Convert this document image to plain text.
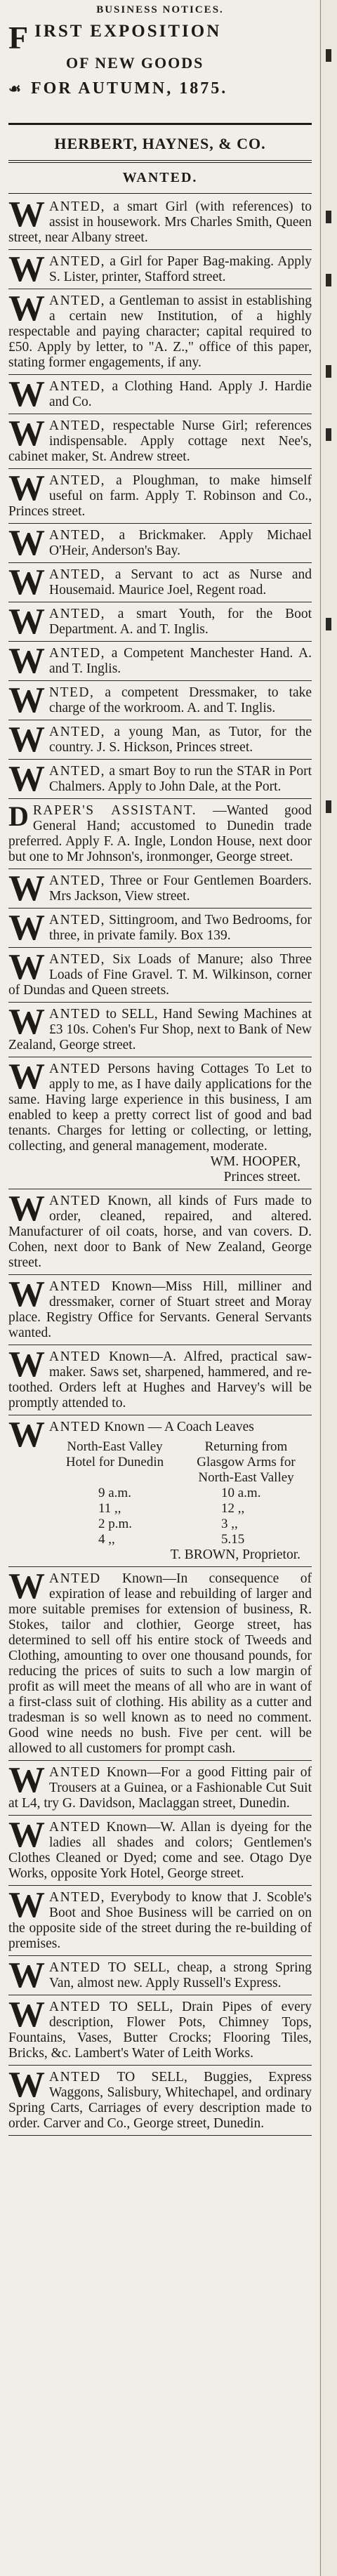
BUSINESS NOTICES.
FIRST EXPOSITION
OF NEW GOODS
☙ FOR AUTUMN, 1875.
HERBERT, HAYNES, & CO.
WANTED.
WANTED, a smart Girl (with references) to assist in housework. Mrs Charles Smith, Queen street, near Albany street.
WANTED, a Girl for Paper Bag-making. Apply S. Lister, printer, Stafford street.
WANTED, a Gentleman to assist in establishing a certain new Institution, of a highly respectable and paying character; capital required to £50. Apply by letter, to "A. Z.," office of this paper, stating former engagements, if any.
WANTED, a Clothing Hand. Apply J. Hardie and Co.
WANTED, respectable Nurse Girl; references indispensable. Apply cottage next Nee's, cabinet maker, St. Andrew street.
WANTED, a Ploughman, to make himself useful on farm. Apply T. Robinson and Co., Princes street.
WANTED, a Brickmaker. Apply Michael O'Heir, Anderson's Bay.
WANTED, a Servant to act as Nurse and Housemaid. Maurice Joel, Regent road.
WANTED, a smart Youth, for the Boot Department. A. and T. Inglis.
WANTED, a Competent Manchester Hand. A. and T. Inglis.
WNTED, a competent Dressmaker, to take charge of the workroom. A. and T. Inglis.
WANTED, a young Man, as Tutor, for the country. J. S. Hickson, Princes street.
WANTED, a smart Boy to run the STAR in Port Chalmers. Apply to John Dale, at the Port.
DRAPER'S ASSISTANT. —Wanted good General Hand; accustomed to Dunedin trade preferred. Apply F. A. Ingle, London House, next door but one to Mr Johnson's, ironmonger, George street.
WANTED, Three or Four Gentlemen Boarders. Mrs Jackson, View street.
WANTED, Sittingroom, and Two Bedrooms, for three, in private family. Box 139.
WANTED, Six Loads of Manure; also Three Loads of Fine Gravel. T. M. Wilkinson, corner of Dundas and Queen streets.
WANTED to SELL, Hand Sewing Machines at £3 10s. Cohen's Fur Shop, next to Bank of New Zealand, George street.
WANTED Persons having Cottages To Let to apply to me, as I have daily applications for the same. Having large experience in this business, I am enabled to keep a pretty correct list of good and bad tenants. Charges for letting or collecting, or letting, collecting, and general management, moderate.
WM. HOOPER,
Princes street.
WANTED Known, all kinds of Furs made to order, cleaned, repaired, and altered. Manufacturer of oil coats, horse, and van covers. D. Cohen, next door to Bank of New Zealand, George street.
WANTED Known—Miss Hill, milliner and dressmaker, corner of Stuart street and Moray place. Registry Office for Servants. General Servants wanted.
WANTED Known—A. Alfred, practical saw-maker. Saws set, sharpened, hammered, and re-toothed. Orders left at Hughes and Harvey's will be promptly attended to.
WANTED Known — A Coach Leaves
North-East Valley Hotel for Dunedin
Returning from Glasgow Arms for North-East Valley
9 a.m.
11 ,,
2 p.m.
4 ,,
10 a.m.
12 ,,
3 ,,
5.15
T. BROWN, Proprietor.
WANTED Known—In consequence of expiration of lease and rebuilding of larger and more suitable premises for extension of business, R. Stokes, tailor and clothier, George street, has determined to sell off his entire stock of Tweeds and Clothing, amounting to over one thousand pounds, for reducing the prices of suits to such a low margin of profit as will meet the means of all who are in want of a first-class suit of clothing. His ability as a cutter and tradesman is so well known as to need no comment. Good wine needs no bush. Five per cent. will be allowed to all customers for prompt cash.
WANTED Known—For a good Fitting pair of Trousers at a Guinea, or a Fashionable Cut Suit at L4, try G. Davidson, Maclaggan street, Dunedin.
WANTED Known—W. Allan is dyeing for the ladies all shades and colors; Gentlemen's Clothes Cleaned or Dyed; come and see. Otago Dye Works, opposite York Hotel, George street.
WANTED, Everybody to know that J. Scoble's Boot and Shoe Business will be carried on on the opposite side of the street during the re-building of premises.
WANTED TO SELL, cheap, a strong Spring Van, almost new. Apply Russell's Express.
WANTED TO SELL, Drain Pipes of every description, Flower Pots, Chimney Tops, Fountains, Vases, Butter Crocks; Flooring Tiles, Bricks, &c. Lambert's Water of Leith Works.
WANTED TO SELL, Buggies, Express Waggons, Salisbury, Whitechapel, and ordinary Spring Carts, Carriages of every description made to order. Carver and Co., George street, Dunedin.
